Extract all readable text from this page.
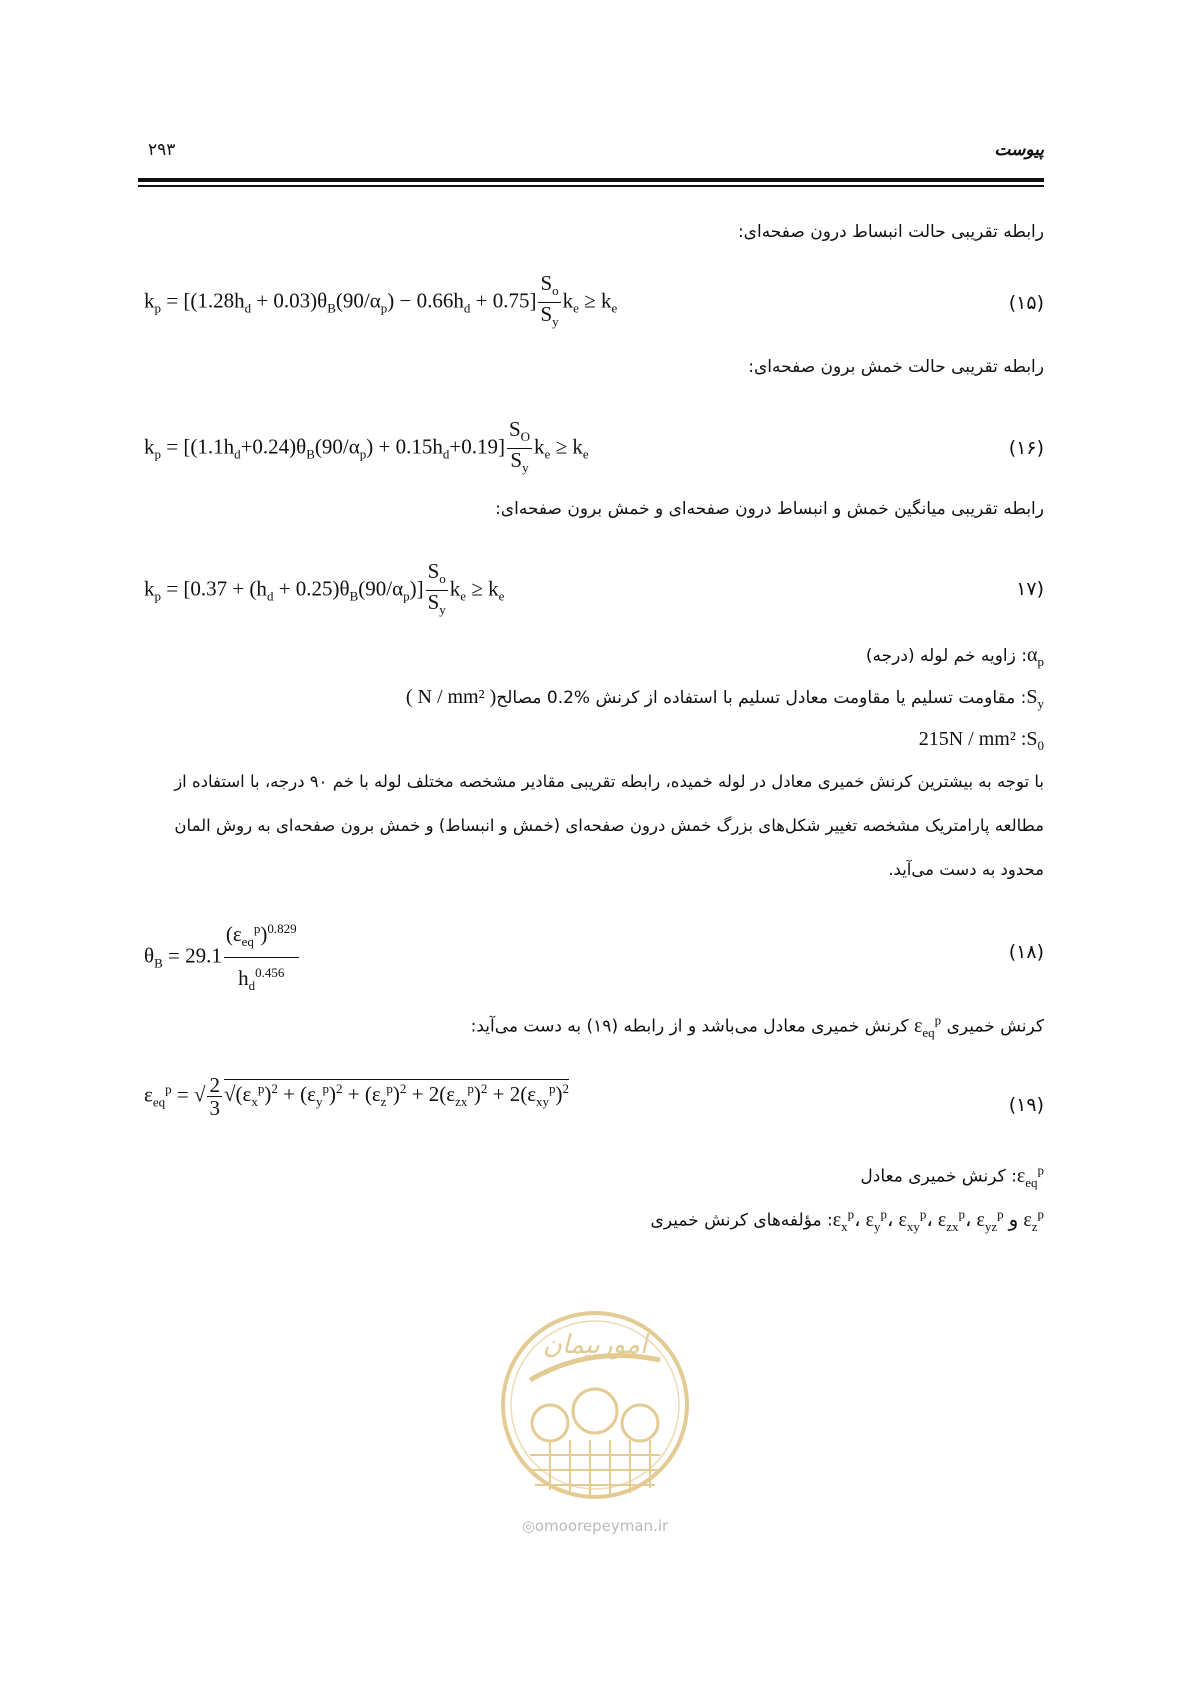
۲۹۳	پیوست
رابطه تقریبی حالت انبساط درون صفحه‌ای:
$k_p = [(1.28h_d + 0.03)\theta_B(90/\alpha_p) - 0.66h_d + 0.75] \frac{S_o}{S_y} k_e \ge k_e$	(۱۵)
رابطه تقریبی حالت خمش برون صفحه‌ای:
$k_p = [(1.1h_d+0.24)\theta_B(90/\alpha_p) + 0.15h_d+0.19] \frac{S_O}{S_y} k_e \ge k_e$	(۱۶)
رابطه تقریبی میانگین خمش و انبساط درون صفحه‌ای و خمش برون صفحه‌ای:
$k_p = [0.37 + (h_d + 0.25)\theta_B(90/\alpha_p)] \frac{S_o}{S_y} k_e \ge k_e$	۱۷)
$\alpha_p$: زاویه خم لوله (درجه)
$S_y$: مقاومت تسلیم یا مقاومت معادل تسلیم با استفاده از کرنش %0.2 مصالح( N / mm² )
215N / mm² $:S_0$
با توجه به بیشترین کرنش خمیری معادل در لوله خمیده، رابطه تقریبی مقادیر مشخصه مختلف لوله با خم ۹۰ درجه، با استفاده از
مطالعه پارامتریک مشخصه تغییر شکل‌های بزرگ خمش درون صفحه‌ای (خمش و انبساط) و خمش برون صفحه‌ای به روش المان
محدود به دست می‌آید.
$\theta_B = 29.1 \frac{(\varepsilon_{eq}^p)^{0.829}}{h_d^{0.456}}$	(۱۸)
کرنش خمیری $\varepsilon_{eq}^p$ کرنش خمیری معادل می‌باشد و از رابطه (۱۹) به دست می‌آید:
$\varepsilon_{eq}^p$ = √ $\frac{2}{3} √(\varepsilon_x^p)^2 + (\varepsilon_y^p)^2 + (\varepsilon_z^p)^2 + 2(\varepsilon_{zx}^p)^2 + 2(\varepsilon_{xy}^p)^2$
(۱۹)
$\varepsilon_{eq}^p$: کرنش خمیری معادل
$\varepsilon_x^p،$ $\varepsilon_y^p،$ $\varepsilon_{xy}^p،$ $\varepsilon_{zx}^p،$ $\varepsilon_{yz}^p$ و $\varepsilon_z^p$: مؤلفه‌های کرنش خمیری
امورپیمان
◎omoorepeyman.ir
